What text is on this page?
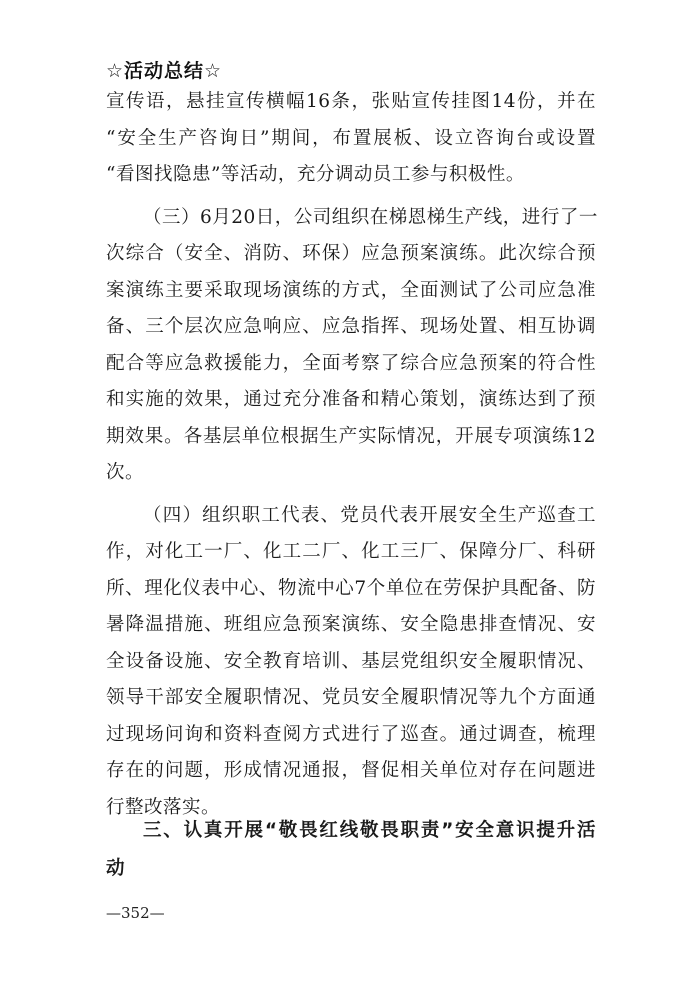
☆活动总结☆
宣传语，悬挂宣传横幅16条，张贴宣传挂图14份，并在
“安全生产咨询日”期间，布置展板、设立咨询台或设置
“看图找隐患”等活动，充分调动员工参与积极性。
（三）6月20日，公司组织在梯恩梯生产线，进行了一
次综合（安全、消防、环保）应急预案演练。此次综合预
案演练主要采取现场演练的方式，全面测试了公司应急准
备、三个层次应急响应、应急指挥、现场处置、相互协调
配合等应急救援能力，全面考察了综合应急预案的符合性
和实施的效果，通过充分准备和精心策划，演练达到了预
期效果。各基层单位根据生产实际情况，开展专项演练12
次。
（四）组织职工代表、党员代表开展安全生产巡查工
作，对化工一厂、化工二厂、化工三厂、保障分厂、科研
所、理化仪表中心、物流中心7个单位在劳保护具配备、防
暑降温措施、班组应急预案演练、安全隐患排查情况、安
全设备设施、安全教育培训、基层党组织安全履职情况、
领导干部安全履职情况、党员安全履职情况等九个方面通
过现场问询和资料查阅方式进行了巡查。通过调查，梳理
存在的问题，形成情况通报，督促相关单位对存在问题进
行整改落实。
三、认真开展“敬畏红线敬畏职责”安全意识提升活
动
—352—
